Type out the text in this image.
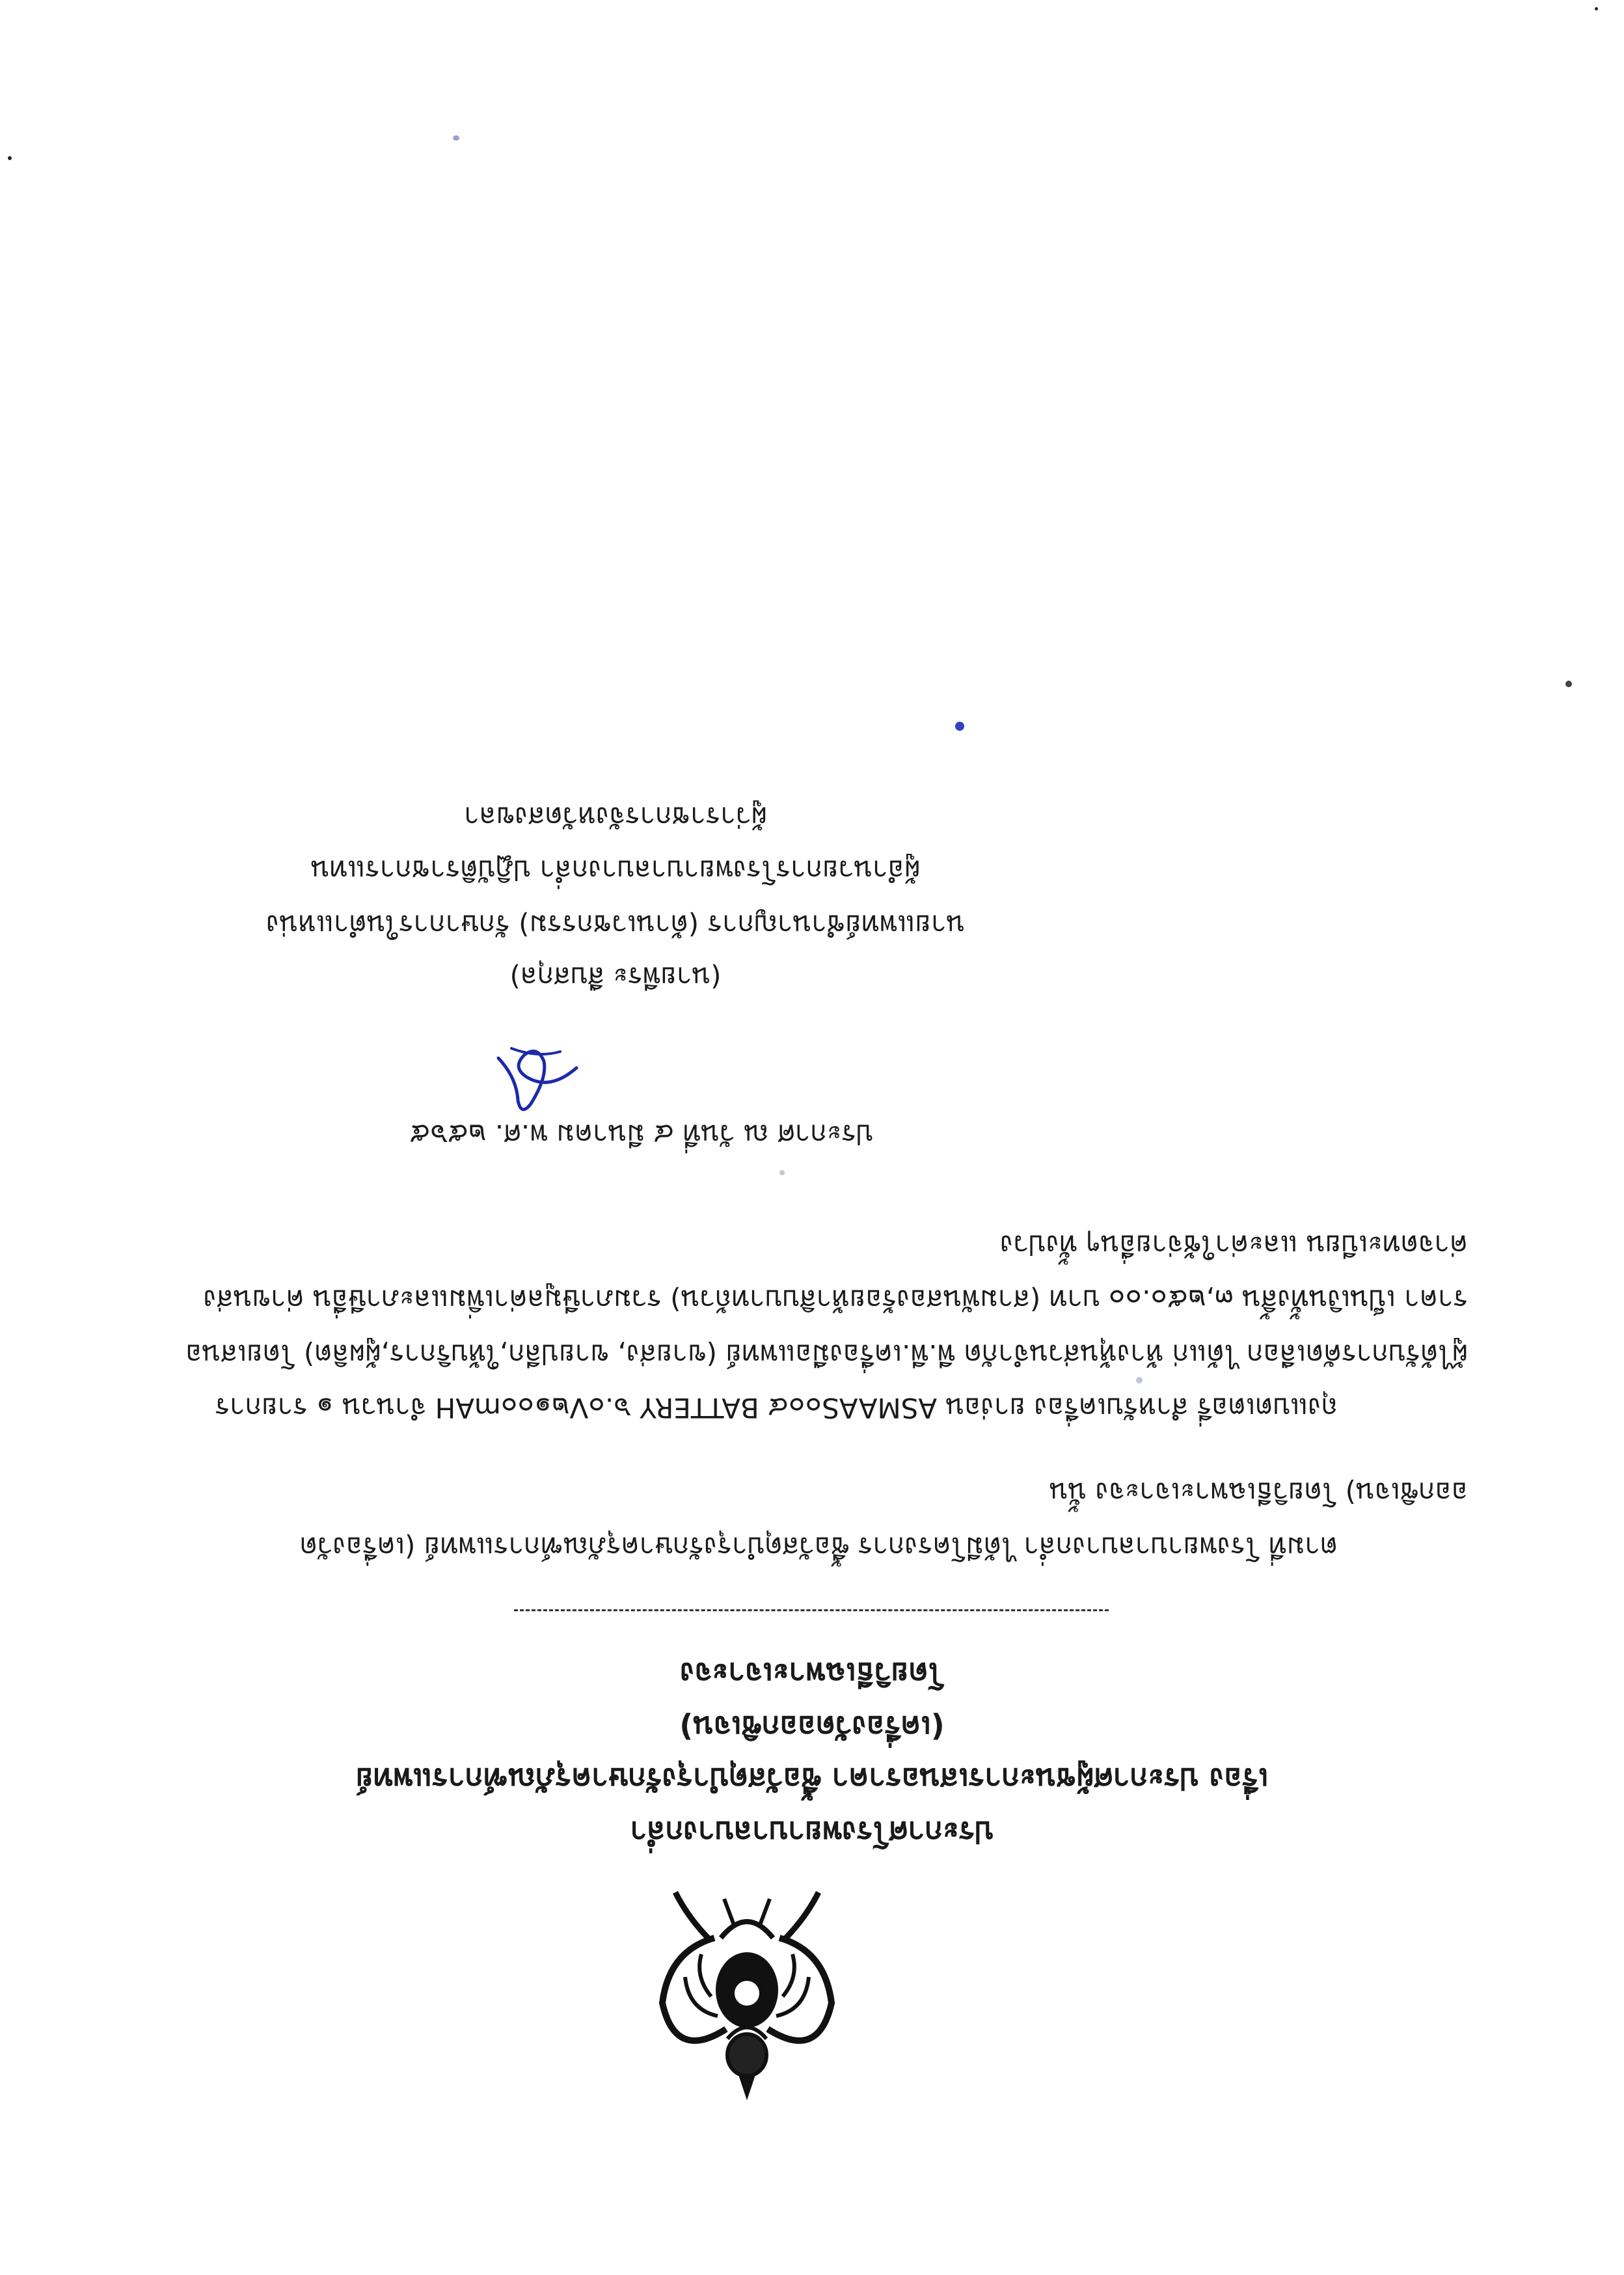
ประกาศโรงพยาบาลบางกล่ำ
เรื่อง ประกาศผู้ชนะการเสนอราคา ซื้อวัสดุบำรุงรักษาครุภัณฑ์การแพทย์
(เครื่องวัดออกซิเจน)
โดยวิธีเฉพาะเจาะจง
ตามที่ โรงพยาบาลบางกล่ำ ได้มีโครงการ ซื้อวัสดุบำรุงรักษาครุภัณฑ์การแพทย์ (เครื่องวัด
ออกซิเจน) โดยวิธีเฉพาะเจาะจง นั้น
ถุงแบตเตอรี่ สำหรับเครื่อง ยาง่อน ASMAAS๐๐๔ BATTERY ๖.๐V๒๑๐๐mAH จำนวน ๑ รายการ
ผู้ได้รับการคัดเลือก ได้แก่ ห้างหุ้นส่วนจำกัด พี.พี.เครื่องมือแพทย์ (ขายส่ง, ขายปลีก,ให้บริการ,ผู้ผลิต) โดยเสนอ
ราคา เป็นเงินทั้งสิ้น ๓,๒๕๐.๐๐ บาท (สามพันสองร้อยห้าสิบบาทถ้วน) รวมภาษีมูลค่าเพิ่มและภาษีอื่น ค่าขนส่ง
ค่าจดทะเบียน และค่าใช้จ่ายอื่นๆ ทั้งปวง
ประกาศ ณ วันที่ ๔ มีนาคม พ.ศ. ๒๕๖๕
(นายพีระ สืบสกุล)
นายแพทย์ชำนาญการ (ด้านเวชกรรม) รักษาการในตำแหน่ง
ผู้อำนวยการโรงพยาบาลบางกล่ำ ปฏิบัติราชการแทน
ผู้ว่าราชการจังหวัดสงขลา
